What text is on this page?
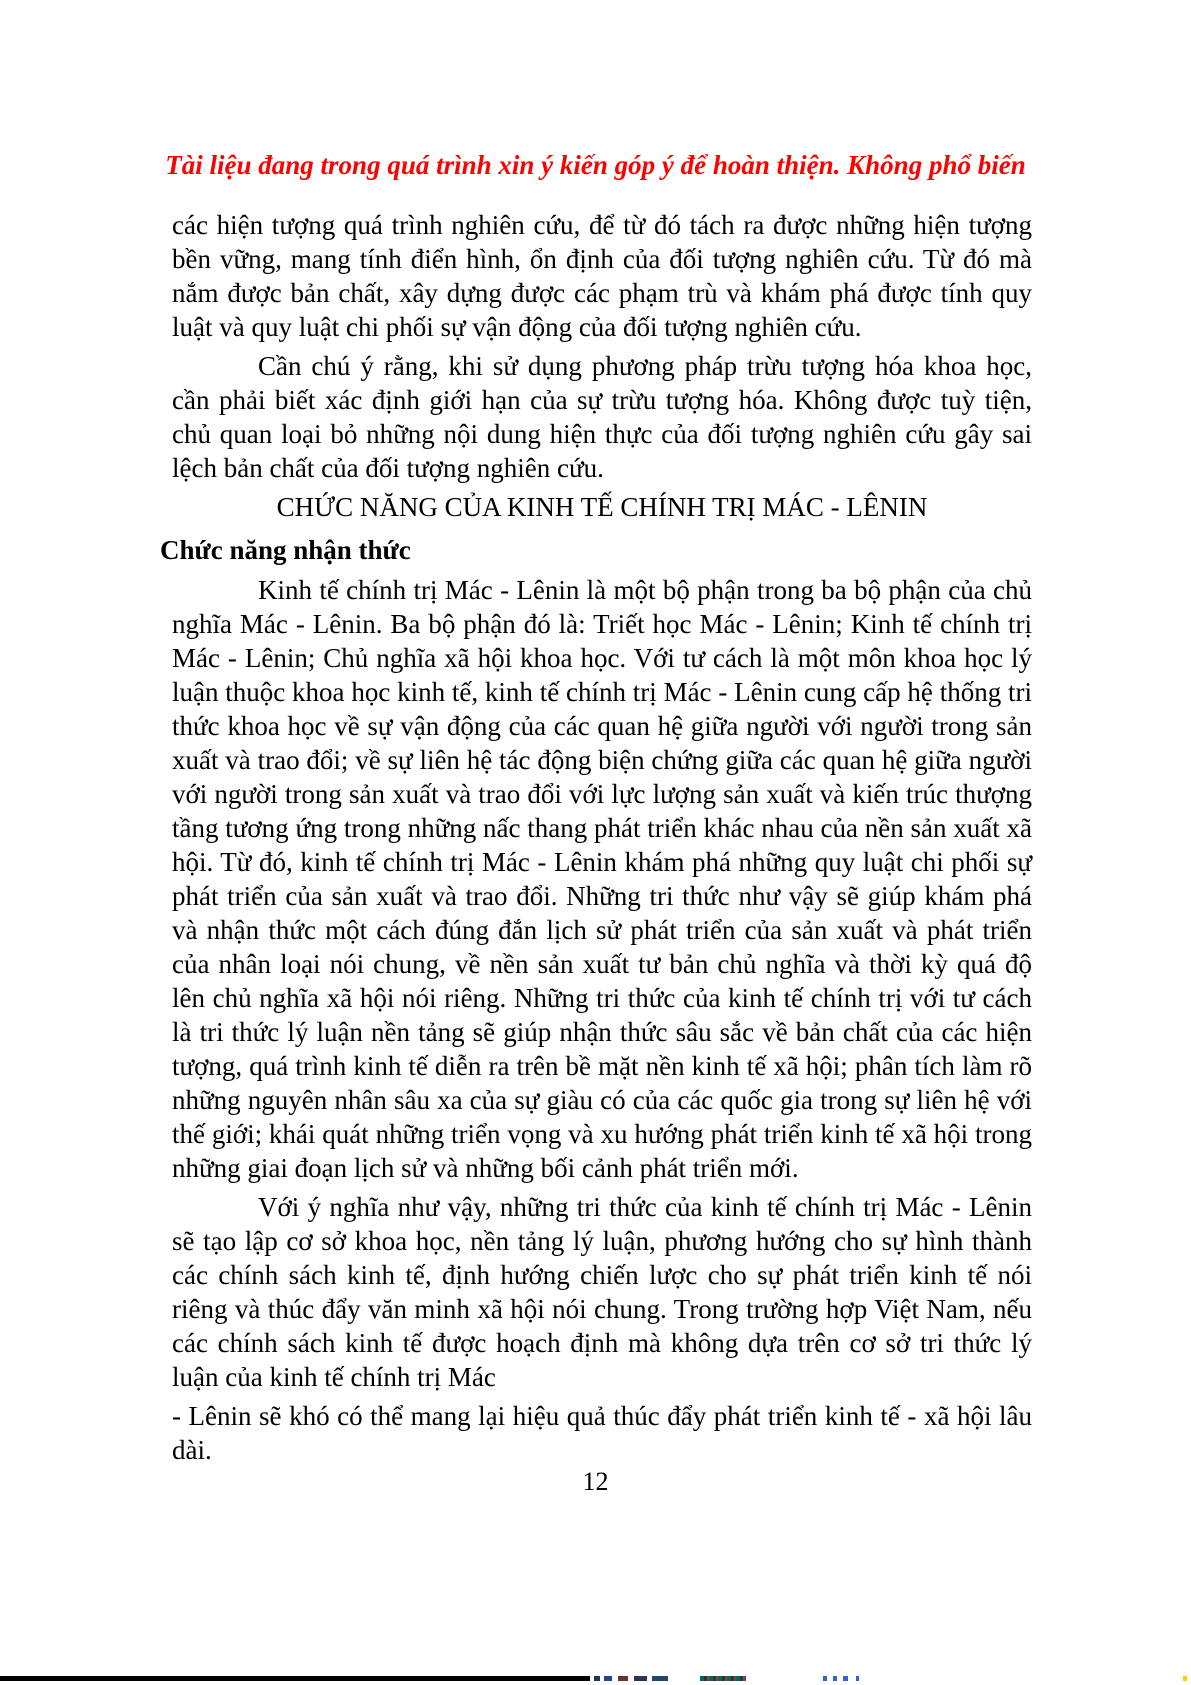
Tài liệu đang trong quá trình xin ý kiến góp ý để hoàn thiện. Không phổ biến

các hiện tượng quá trình nghiên cứu, để từ đó tách ra được những hiện tượng bền vững, mang tính điển hình, ổn định của đối tượng nghiên cứu. Từ đó mà nắm được bản chất, xây dựng được các phạm trù và khám phá được tính quy luật và quy luật chi phối sự vận động của đối tượng nghiên cứu.

Cần chú ý rằng, khi sử dụng phương pháp trừu tượng hóa khoa học, cần phải biết xác định giới hạn của sự trừu tượng hóa. Không được tuỳ tiện, chủ quan loại bỏ những nội dung hiện thực của đối tượng nghiên cứu gây sai lệch bản chất của đối tượng nghiên cứu.

CHỨC NĂNG CỦA KINH TẾ CHÍNH TRỊ MÁC - LÊNIN
Chức năng nhận thức

Kinh tế chính trị Mác - Lênin là một bộ phận trong ba bộ phận của chủ nghĩa Mác - Lênin. Ba bộ phận đó là: Triết học Mác - Lênin; Kinh tế chính trị Mác - Lênin; Chủ nghĩa xã hội khoa học. Với tư cách là một môn khoa học lý luận thuộc khoa học kinh tế, kinh tế chính trị Mác - Lênin cung cấp hệ thống tri thức khoa học về sự vận động của các quan hệ giữa người với người trong sản xuất và trao đổi; về sự liên hệ tác động biện chứng giữa các quan hệ giữa người với người trong sản xuất và trao đổi với lực lượng sản xuất và kiến trúc thượng tầng tương ứng trong những nấc thang phát triển khác nhau của nền sản xuất xã hội. Từ đó, kinh tế chính trị Mác - Lênin khám phá những quy luật chi phối sự phát triển của sản xuất và trao đổi. Những tri thức như vậy sẽ giúp khám phá và nhận thức một cách đúng đắn lịch sử phát triển của sản xuất và phát triển của nhân loại nói chung, về nền sản xuất tư bản chủ nghĩa và thời kỳ quá độ lên chủ nghĩa xã hội nói riêng. Những tri thức của kinh tế chính trị với tư cách là tri thức lý luận nền tảng sẽ giúp nhận thức sâu sắc về bản chất của các hiện tượng, quá trình kinh tế diễn ra trên bề mặt nền kinh tế xã hội; phân tích làm rõ những nguyên nhân sâu xa của sự giàu có của các quốc gia trong sự liên hệ với thế giới; khái quát những triển vọng và xu hướng phát triển kinh tế xã hội trong những giai đoạn lịch sử và những bối cảnh phát triển mới.

Với ý nghĩa như vậy, những tri thức của kinh tế chính trị Mác - Lênin sẽ tạo lập cơ sở khoa học, nền tảng lý luận, phương hướng cho sự hình thành các chính sách kinh tế, định hướng chiến lược cho sự phát triển kinh tế nói riêng và thúc đẩy văn minh xã hội nói chung. Trong trường hợp Việt Nam, nếu các chính sách kinh tế được hoạch định mà không dựa trên cơ sở tri thức lý luận của kinh tế chính trị Mác

- Lênin sẽ khó có thể mang lại hiệu quả thúc đẩy phát triển kinh tế - xã hội lâu dài.

12
